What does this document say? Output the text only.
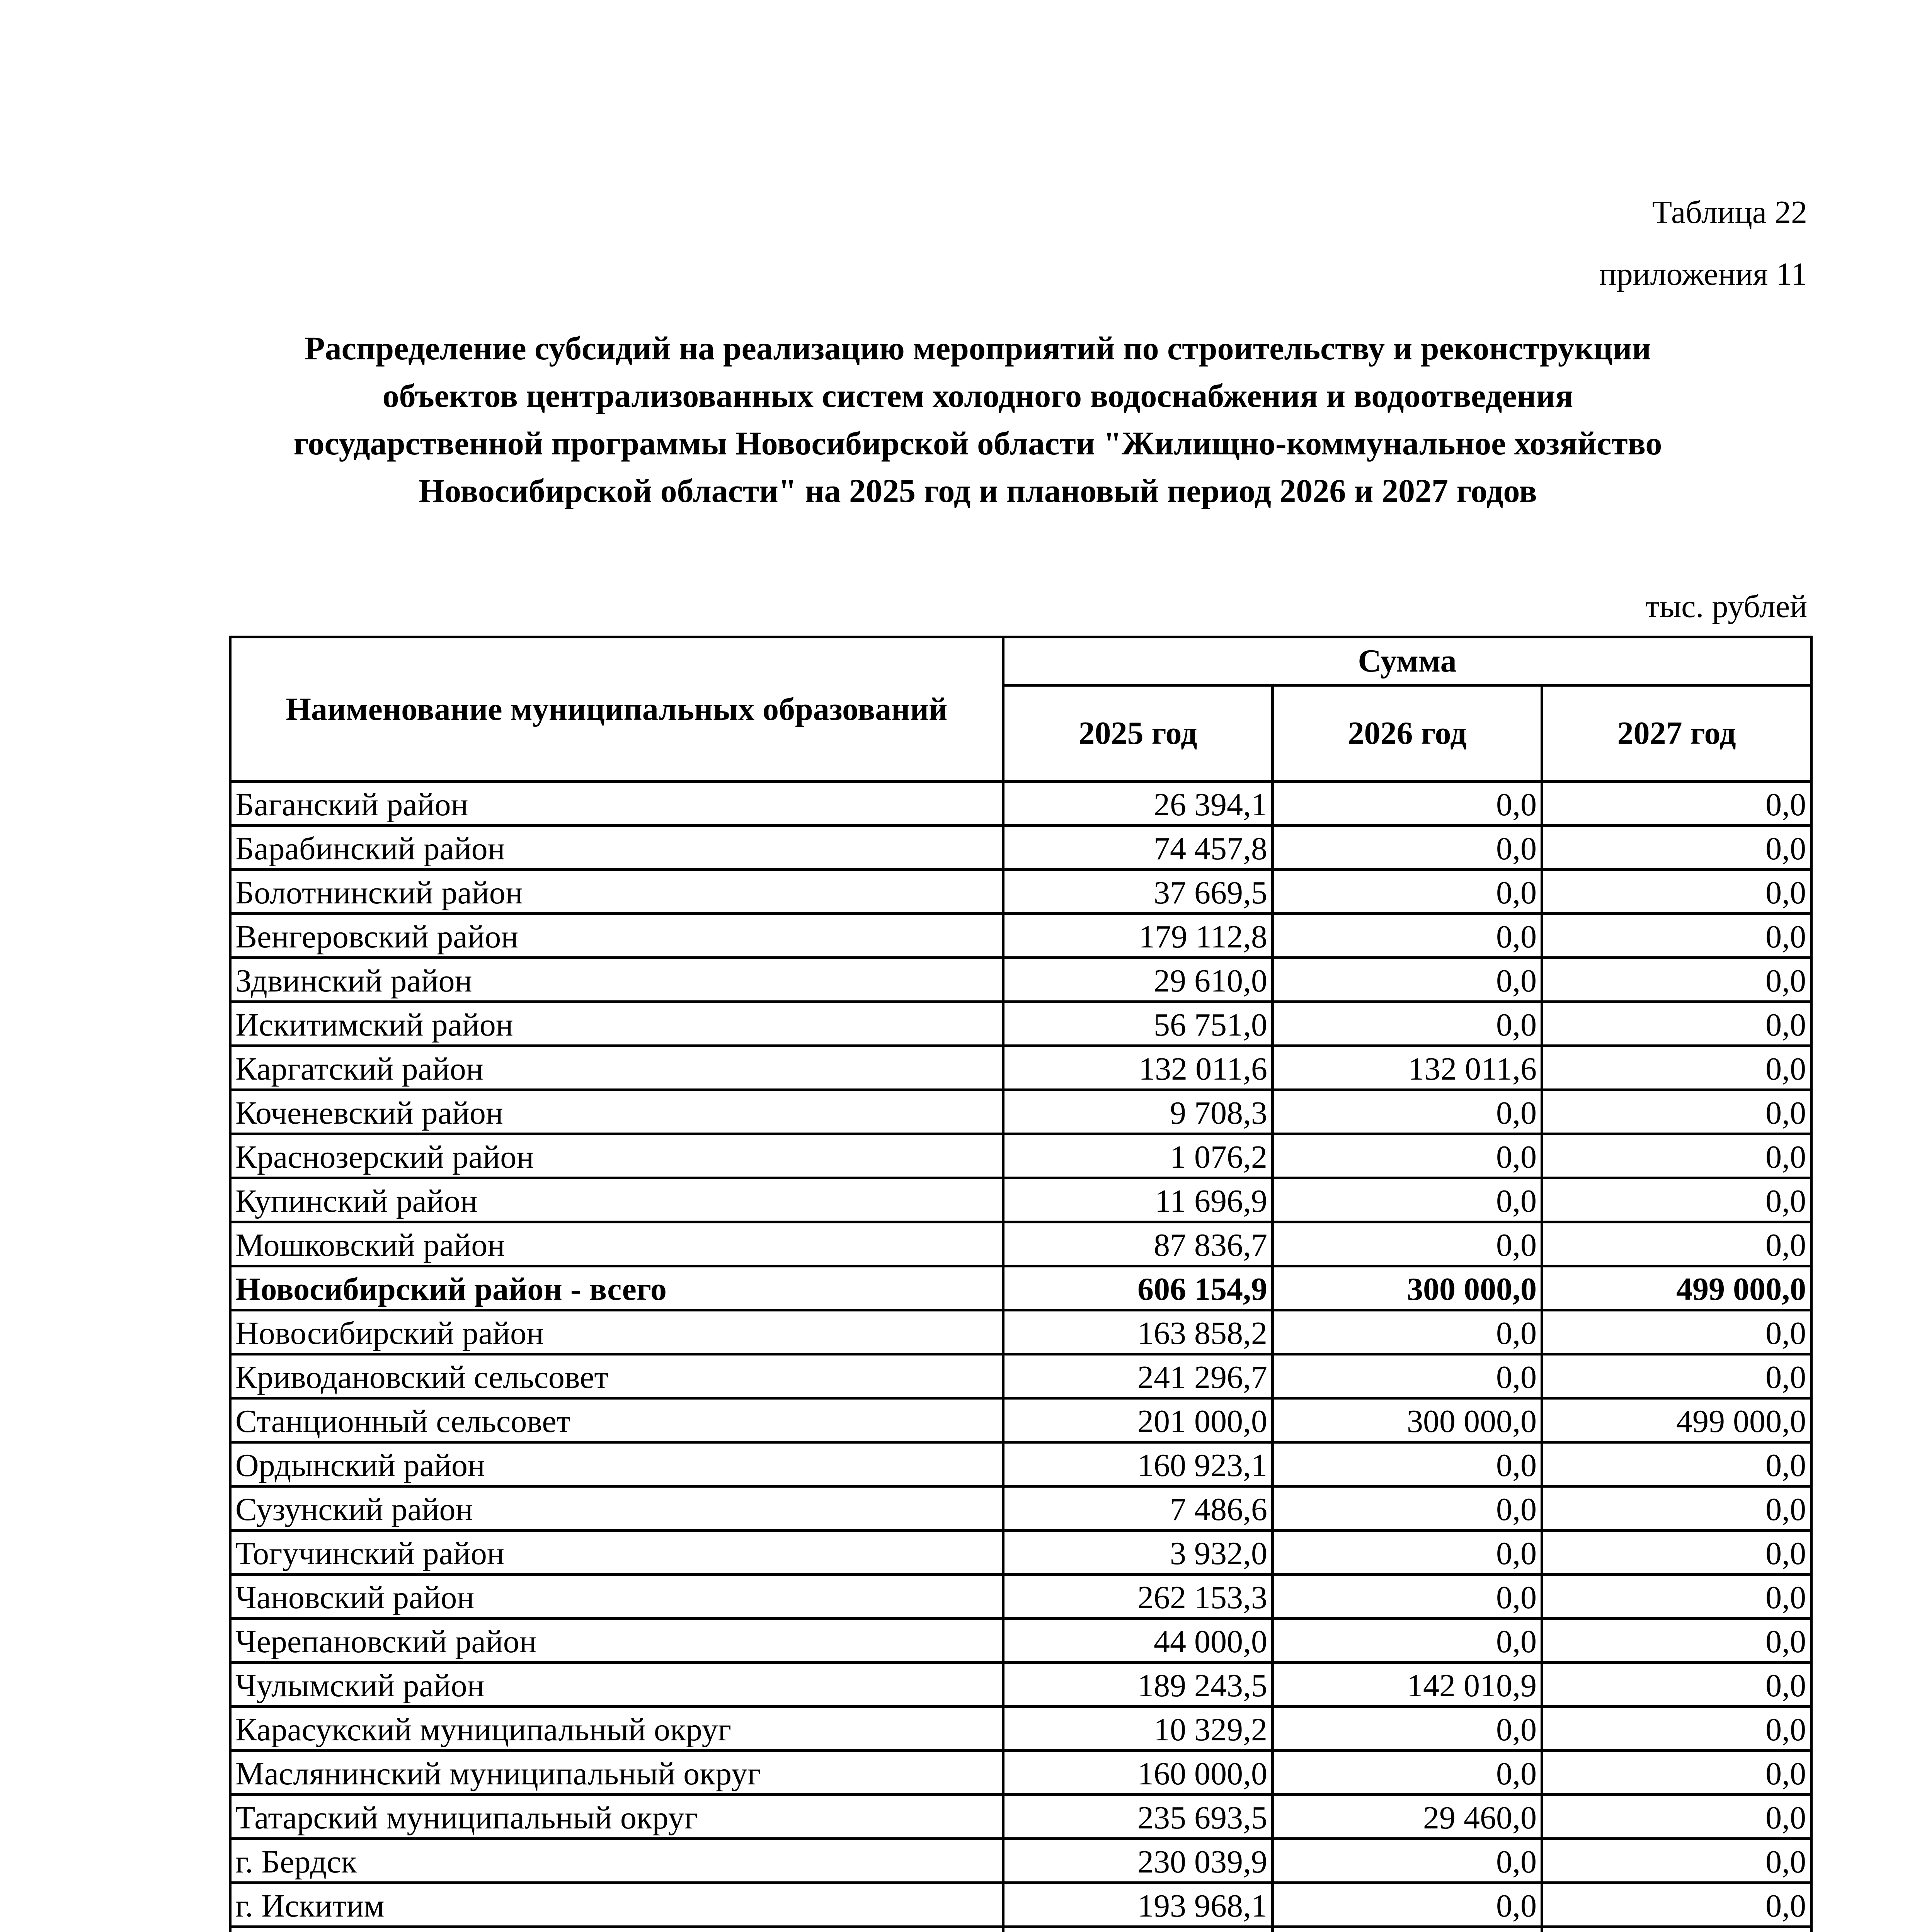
Таблица 22
приложения 11
Распределение субсидий на реализацию мероприятий по строительству и реконструкции
объектов централизованных систем холодного водоснабжения и водоотведения
государственной программы Новосибирской области "Жилищно-коммунальное хозяйство
Новосибирской области" на 2025 год и плановый период 2026 и 2027 годов
тыс. рублей
Наименование муниципальных образований	Сумма		
	2025 год	2026 год	2027 год
Баганский район	26 394,1	0,0	0,0
Барабинский район	74 457,8	0,0	0,0
Болотнинский район	37 669,5	0,0	0,0
Венгеровский район	179 112,8	0,0	0,0
Здвинский район	29 610,0	0,0	0,0
Искитимский район	56 751,0	0,0	0,0
Каргатский район	132 011,6	132 011,6	0,0
Коченевский район	9 708,3	0,0	0,0
Краснозерский район	1 076,2	0,0	0,0
Купинский район	11 696,9	0,0	0,0
Мошковский район	87 836,7	0,0	0,0
Новосибирский район - всего	606 154,9	300 000,0	499 000,0
Новосибирский район	163 858,2	0,0	0,0
Криводановский сельсовет	241 296,7	0,0	0,0
Станционный сельсовет	201 000,0	300 000,0	499 000,0
Ордынский район	160 923,1	0,0	0,0
Сузунский район	7 486,6	0,0	0,0
Тогучинский район	3 932,0	0,0	0,0
Чановский район	262 153,3	0,0	0,0
Черепановский район	44 000,0	0,0	0,0
Чулымский район	189 243,5	142 010,9	0,0
Карасукский муниципальный округ	10 329,2	0,0	0,0
Маслянинский муниципальный округ	160 000,0	0,0	0,0
Татарский муниципальный округ	235 693,5	29 460,0	0,0
г. Бердск	230 039,9	0,0	0,0
г. Искитим	193 968,1	0,0	0,0
